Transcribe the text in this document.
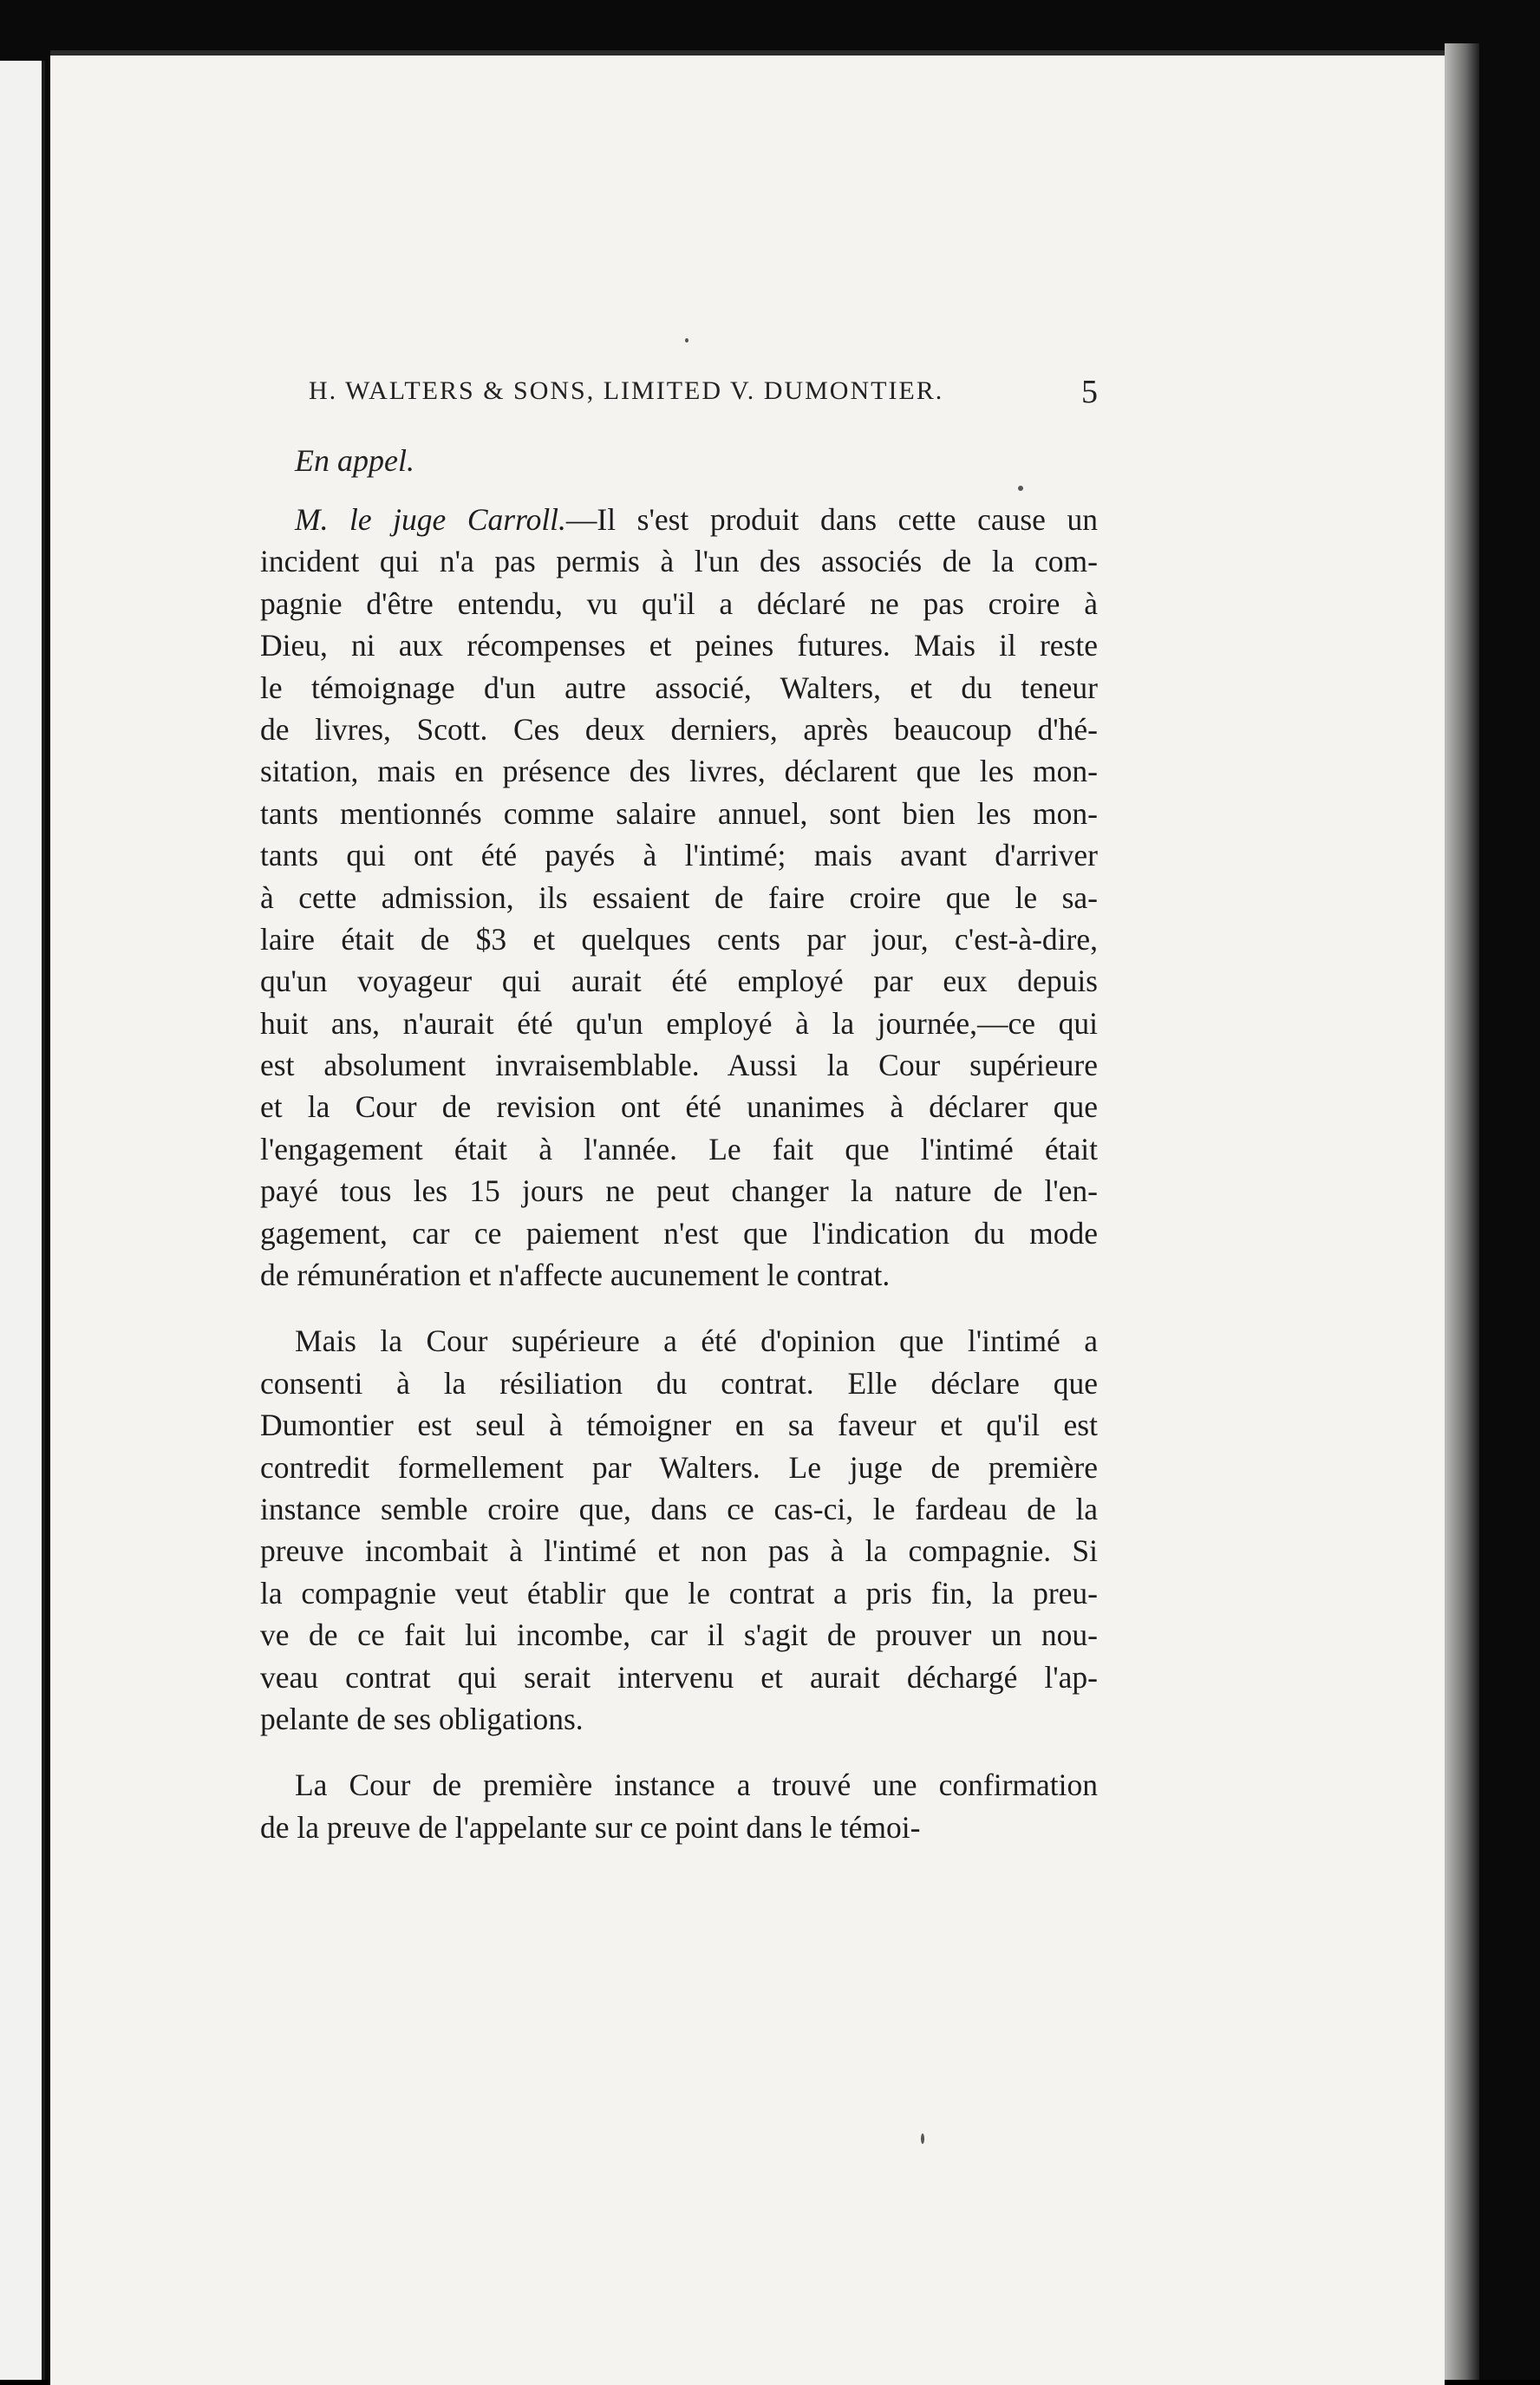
H. WALTERS & SONS, LIMITED V. DUMONTIER.	5
En appel.
M. le juge Carroll.—Il s'est produit dans cette cause un
incident qui n'a pas permis à l'un des associés de la com-
pagnie d'être entendu, vu qu'il a déclaré ne pas croire à
Dieu, ni aux récompenses et peines futures. Mais il reste
le témoignage d'un autre associé, Walters, et du teneur
de livres, Scott. Ces deux derniers, après beaucoup d'hé-
sitation, mais en présence des livres, déclarent que les mon-
tants mentionnés comme salaire annuel, sont bien les mon-
tants qui ont été payés à l'intimé; mais avant d'arriver
à cette admission, ils essaient de faire croire que le sa-
laire était de $3 et quelques cents par jour, c'est-à-dire,
qu'un voyageur qui aurait été employé par eux depuis
huit ans, n'aurait été qu'un employé à la journée,—ce qui
est absolument invraisemblable. Aussi la Cour supérieure
et la Cour de revision ont été unanimes à déclarer que
l'engagement était à l'année. Le fait que l'intimé était
payé tous les 15 jours ne peut changer la nature de l'en-
gagement, car ce paiement n'est que l'indication du mode
de rémunération et n'affecte aucunement le contrat.
Mais la Cour supérieure a été d'opinion que l'intimé a
consenti à la résiliation du contrat. Elle déclare que
Dumontier est seul à témoigner en sa faveur et qu'il est
contredit formellement par Walters. Le juge de première
instance semble croire que, dans ce cas-ci, le fardeau de la
preuve incombait à l'intimé et non pas à la compagnie. Si
la compagnie veut établir que le contrat a pris fin, la preu-
ve de ce fait lui incombe, car il s'agit de prouver un nou-
veau contrat qui serait intervenu et aurait déchargé l'ap-
pelante de ses obligations.
La Cour de première instance a trouvé une confirmation
de la preuve de l'appelante sur ce point dans le témoi-
